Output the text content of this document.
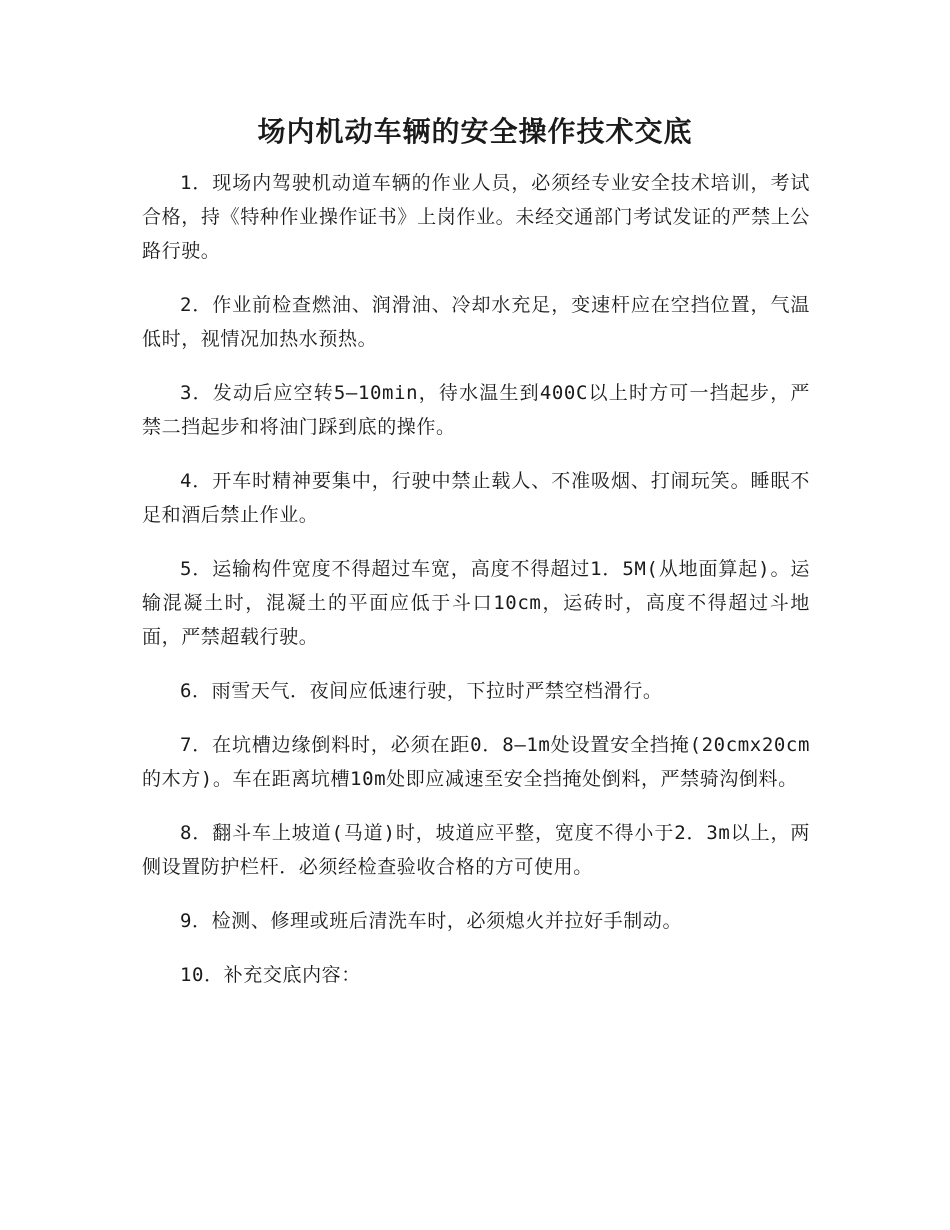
场内机动车辆的安全操作技术交底

1．现场内驾驶机动道车辆的作业人员，必须经专业安全技术培训，考试合格，持《特种作业操作证书》上岗作业。未经交通部门考试发证的严禁上公路行驶。

2．作业前检查燃油、润滑油、冷却水充足，变速杆应在空挡位置，气温低时，视情况加热水预热。

3．发动后应空转5—10min，待水温生到400C以上时方可一挡起步，严禁二挡起步和将油门踩到底的操作。

4．开车时精神要集中，行驶中禁止载人、不准吸烟、打闹玩笑。睡眠不足和酒后禁止作业。

5．运输构件宽度不得超过车宽，高度不得超过1．5M(从地面算起)。运输混凝土时，混凝土的平面应低于斗口10cm，运砖时，高度不得超过斗地面，严禁超载行驶。

6．雨雪天气．夜间应低速行驶，下拉时严禁空档滑行。

7．在坑槽边缘倒料时，必须在距0．8—1m处设置安全挡掩(20cmx20cm的木方)。车在距离坑槽10m处即应减速至安全挡掩处倒料，严禁骑沟倒料。

8．翻斗车上坡道(马道)时，坡道应平整，宽度不得小于2．3m以上，两侧设置防护栏杆．必须经检查验收合格的方可使用。

9．检测、修理或班后清洗车时，必须熄火并拉好手制动。

10．补充交底内容：
